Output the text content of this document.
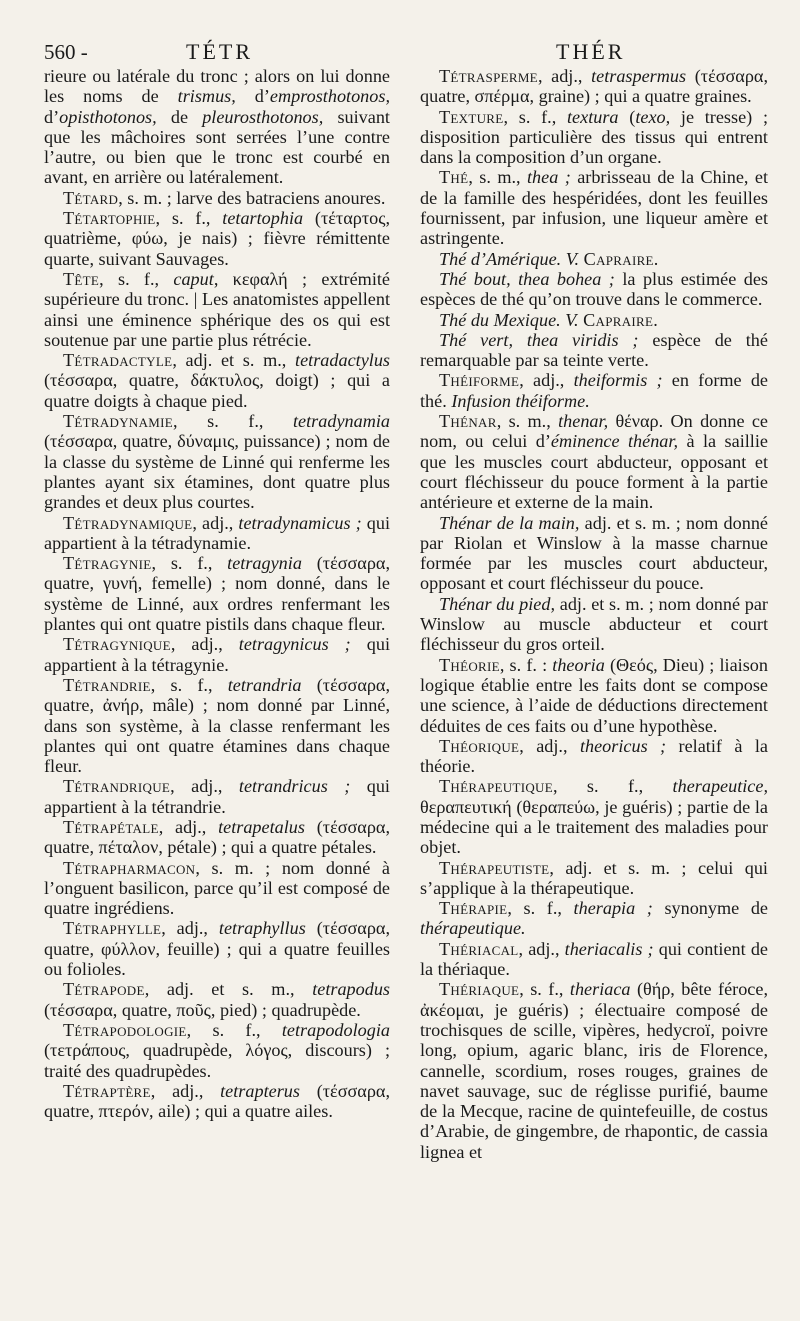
560 -	TÉTR	THÉR

rieure ou latérale du tronc ; alors on lui donne les noms de trismus, d’emprosthotonos, d’opisthotonos, de pleurosthotonos, suivant que les mâchoires sont serrées l’une contre l’autre, ou bien que le tronc est courbé en avant, en arrière ou latéralement.

Tétard, s. m. ; larve des batraciens anoures.

Tétartophie, s. f., tetartophia (τέταρτος, quatrième, φύω, je nais) ; fièvre rémittente quarte, suivant Sauvages.

Tête, s. f., caput, κεφαλή ; extrémité supérieure du tronc. | Les anatomistes appellent ainsi une éminence sphérique des os qui est soutenue par une partie plus rétrécie.

Tétradactyle, adj. et s. m., tetradactylus (τέσσαρα, quatre, δάκτυλος, doigt) ; qui a quatre doigts à chaque pied.

Tétradynamie, s. f., tetradynamia (τέσσαρα, quatre, δύναμις, puissance) ; nom de la classe du système de Linné qui renferme les plantes ayant six étamines, dont quatre plus grandes et deux plus courtes.

Tétradynamique, adj., tetradynamicus ; qui appartient à la tétradynamie.

Tétragynie, s. f., tetragynia (τέσσαρα, quatre, γυνή, femelle) ; nom donné, dans le système de Linné, aux ordres renfermant les plantes qui ont quatre pistils dans chaque fleur.

Tétragynique, adj., tetragynicus ; qui appartient à la tétragynie.

Tétrandrie, s. f., tetrandria (τέσσαρα, quatre, ἀνήρ, mâle) ; nom donné par Linné, dans son système, à la classe renfermant les plantes qui ont quatre étamines dans chaque fleur.

Tétrandrique, adj., tetrandricus ; qui appartient à la tétrandrie.

Tétrapétale, adj., tetrapetalus (τέσσαρα, quatre, πέταλον, pétale) ; qui a quatre pétales.

Tétrapharmacon, s. m. ; nom donné à l’onguent basilicon, parce qu’il est composé de quatre ingrédiens.

Tétraphylle, adj., tetraphyllus (τέσσαρα, quatre, φύλλον, feuille) ; qui a quatre feuilles ou folioles.

Tétrapode, adj. et s. m., tetrapodus (τέσσαρα, quatre, ποῦς, pied) ; quadrupède.

Tétrapodologie, s. f., tetrapodologia (τετράπους, quadrupède, λόγος, discours) ; traité des quadrupèdes.

Tétraptère, adj., tetrapterus (τέσσαρα, quatre, πτερόν, aile) ; qui a quatre ailes.

Tétrasperme, adj., tetraspermus (τέσσαρα, quatre, σπέρμα, graine) ; qui a quatre graines.

Texture, s. f., textura (texo, je tresse) ; disposition particulière des tissus qui entrent dans la composition d’un organe.

Thé, s. m., thea ; arbrisseau de la Chine, et de la famille des hespéridées, dont les feuilles fournissent, par infusion, une liqueur amère et astringente.

Thé d’Amérique. V. Capraire.

Thé bout, thea bohea ; la plus estimée des espèces de thé qu’on trouve dans le commerce.

Thé du Mexique. V. Capraire.

Thé vert, thea viridis ; espèce de thé remarquable par sa teinte verte.

Théiforme, adj., theiformis ; en forme de thé. Infusion théiforme.

Thénar, s. m., thenar, θέναρ. On donne ce nom, ou celui d’éminence thénar, à la saillie que les muscles court abducteur, opposant et court fléchisseur du pouce forment à la partie antérieure et externe de la main.

Thénar de la main, adj. et s. m. ; nom donné par Riolan et Winslow à la masse charnue formée par les muscles court abducteur, opposant et court fléchisseur du pouce.

Thénar du pied, adj. et s. m. ; nom donné par Winslow au muscle abducteur et court fléchisseur du gros orteil.

Théorie, s. f. : theoria (Θεός, Dieu) ; liaison logique établie entre les faits dont se compose une science, à l’aide de déductions directement déduites de ces faits ou d’une hypothèse.

Théorique, adj., theoricus ; relatif à la théorie.

Thérapeutique, s. f., therapeutice, θεραπευτική (θεραπεύω, je guéris) ; partie de la médecine qui a le traitement des maladies pour objet.

Thérapeutiste, adj. et s. m. ; celui qui s’applique à la thérapeutique.

Thérapie, s. f., therapia ; synonyme de thérapeutique.

Thériacal, adj., theriacalis ; qui contient de la thériaque.

Thériaque, s. f., theriaca (θήρ, bête féroce, ἀκέομαι, je guéris) ; électuaire composé de trochisques de scille, vipères, hedycroï, poivre long, opium, agaric blanc, iris de Florence, cannelle, scordium, roses rouges, graines de navet sauvage, suc de réglisse purifié, baume de la Mecque, racine de quintefeuille, de costus d’Arabie, de gingembre, de rhapontic, de cassia lignea et
